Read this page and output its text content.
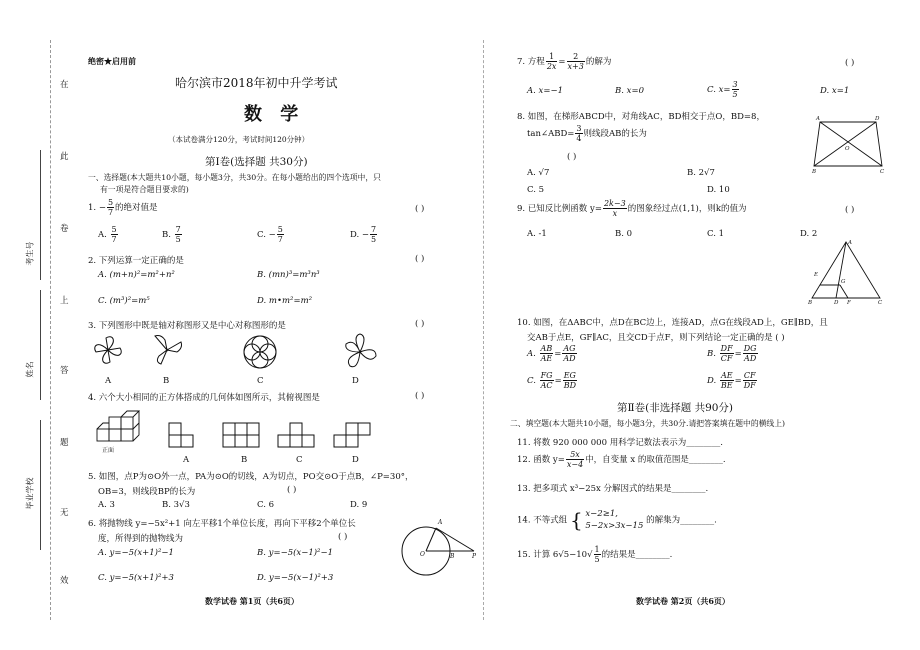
在
此
卷
上
答
题
无
效
考生号
姓名
毕业学校
绝密★启用前
哈尔滨市2018年初中升学考试
数 学
（本试卷满分120分，考试时间120分钟）
第Ⅰ卷(选择题 共30分)
一、选择题(本大题共10小题，每小题3分，共30分。在每小题给出的四个选项中，只
有一项是符合题目要求的)
1. − $\frac{5}{7}$ 的绝对值是	( )
A. $\frac{5}{7}$	B. $\frac{7}{5}$	C. − $\frac{5}{7}$	D. − $\frac{7}{5}$
2. 下列运算一定正确的是	( )
A. (m+n)²=m²+n²	B. (mn)³=m³n³
C. (m³)²=m⁵	D. m•m²=m²
3. 下列图形中既是轴对称图形又是中心对称图形的是	( )
A	B	C	D
4. 六个大小相同的正方体搭成的几何体如图所示，其俯视图是	( )
正面
A	B	C	D
5. 如图，点P为⊙O外一点，PA为⊙O的切线，A为切点，PO交⊙O于点B，∠P=30°，
OB=3，则线段BP的长为	( )
A. 3	B. 3√3	C. 6	D. 9
A
O	B	P
6. 将抛物线 y=−5x²+1 向左平移1个单位长度，再向下平移2个单位长
度，所得到的抛物线为	( )
A. y=−5(x+1)²−1	B. y=−5(x−1)²−1
C. y=−5(x+1)²+3	D. y=−5(x−1)²+3
数学试卷 第1页（共6页）
7. 方程 $\frac{1}{2x} = \frac{2}{x+3}$ 的解为	( )
A. x=−1	B. x=0	C. $x= \frac{3}{5}$	D. x=1
8. 如图，在梯形ABCD中，对角线AC，BD相交于点O，BD=8，
tan∠ABD= $\frac{3}{4}$ 则线段AB的长为
( )
A	D
B	C
O
A. √7	B. 2√7
C. 5	D. 10
9. 已知反比例函数 $y= \frac{2k-3}{x}$ 的图象经过点(1,1)，则k的值为	( )
A. -1	B. 0	C. 1	D. 2
A
E
G
B	D F	C
10. 如图，在ΔABC中，点D在BC边上，连接AD，点G在线段AD上，GE∥BD，且
交AB于点E，GF∥AC，且交CD于点F，则下列结论一定正确的是 ( )
A. $\frac{AB}{AE} = \frac{AG}{AD}$	B. $\frac{DF}{CF} = \frac{DG}{AD}$
C. $\frac{FG}{AC} = \frac{EG}{BD}$	D. $\frac{AE}{BE} = \frac{CF}{DF}$
第Ⅱ卷(非选择题 共90分)
二、填空题(本大题共10小题，每小题3分，共30分.请把答案填在题中的横线上)
11. 将数 920 000 000 用科学记数法表示为________.
12. 函数 $y= \frac{5x}{x-4}$ 中，自变量 x 的取值范围是________.
13. 把多项式 x³−25x 分解因式的结果是________.
14. 不等式组 { x−2≥1,
5−2x>3x−15
的解集为________.
15. 计算 $6√5-10√ \frac{1}{5}$ 的结果是________.
数学试卷 第2页（共6页）
